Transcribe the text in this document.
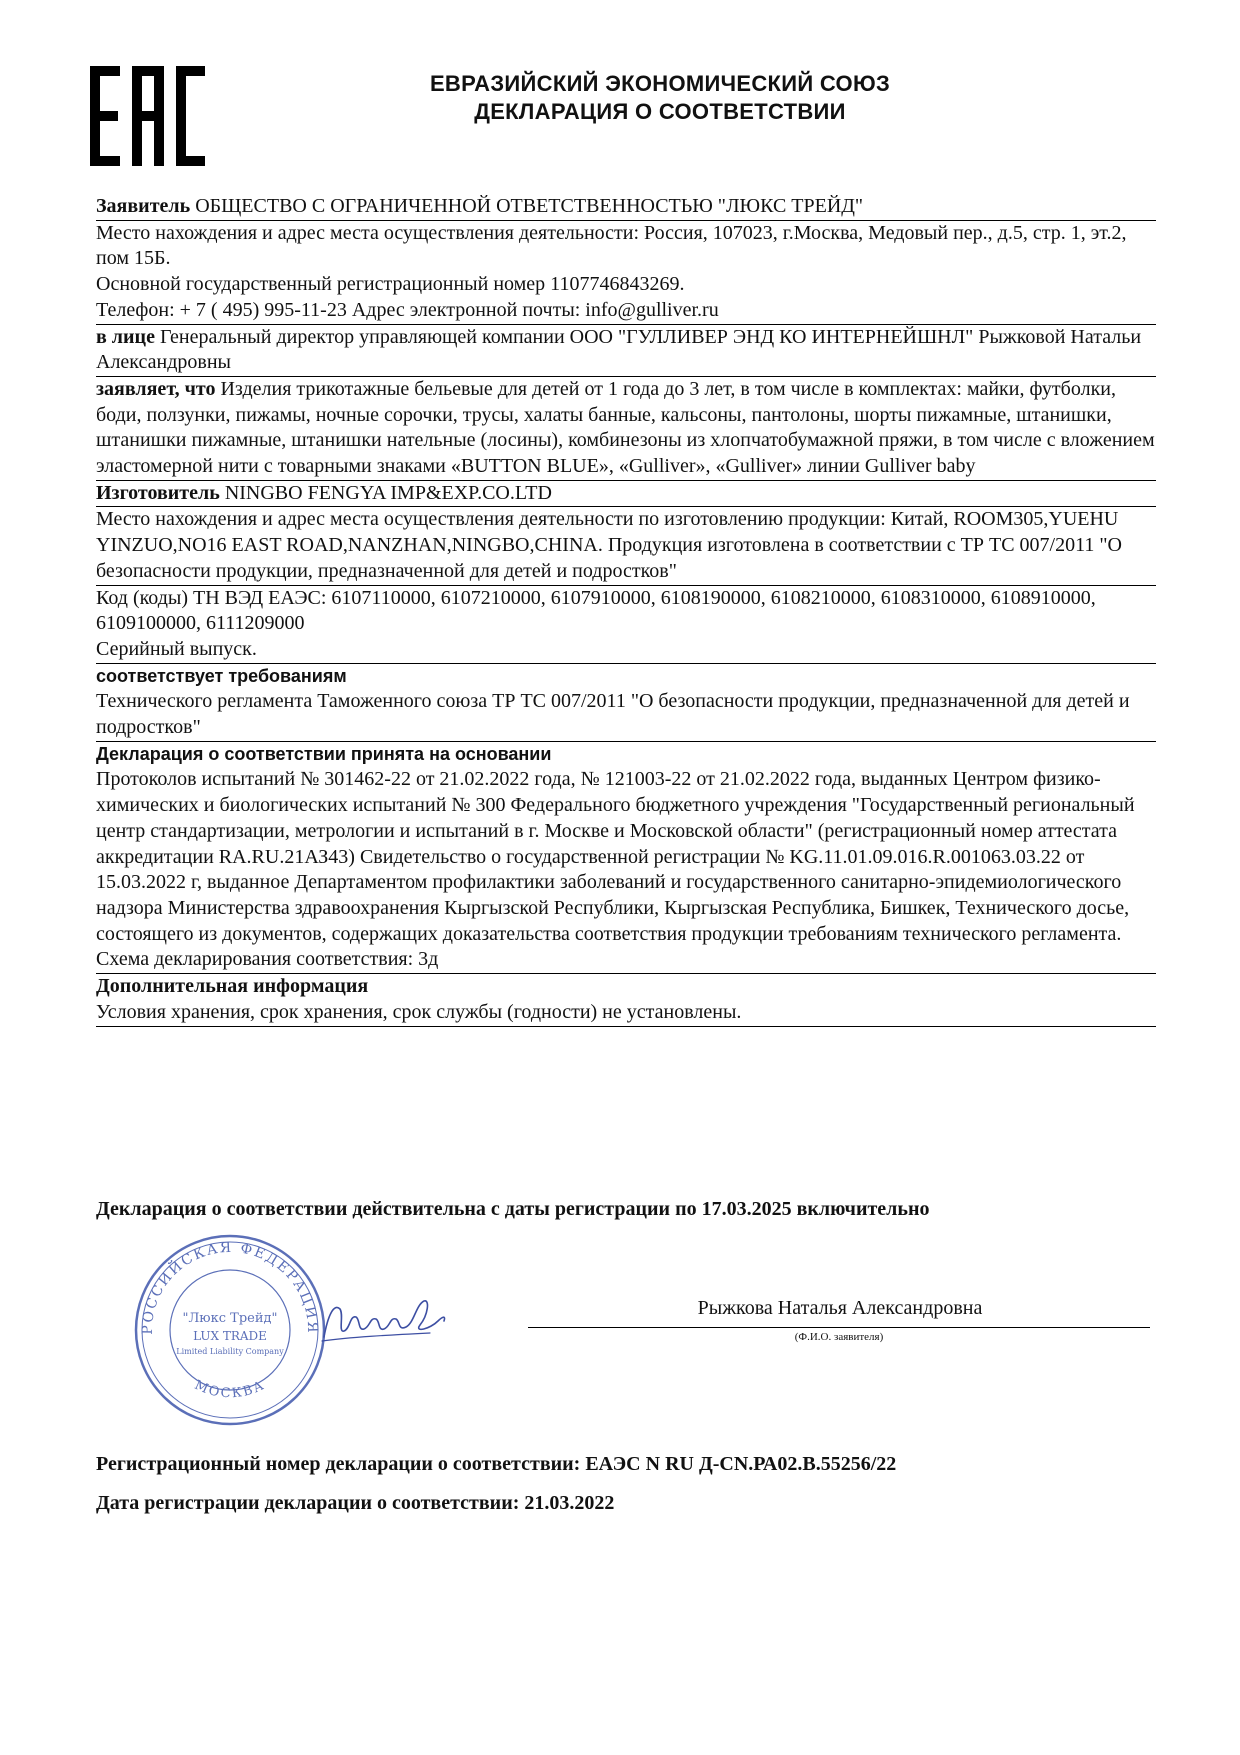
ЕВРАЗИЙСКИЙ ЭКОНОМИЧЕСКИЙ СОЮЗ
ДЕКЛАРАЦИЯ О СООТВЕТСТВИИ

Заявитель ОБЩЕСТВО С ОГРАНИЧЕННОЙ ОТВЕТСТВЕННОСТЬЮ "ЛЮКС ТРЕЙД"

Место нахождения и адрес места осуществления деятельности: Россия, 107023, г.Москва, Медовый пер., д.5, стр. 1, эт.2, пом 15Б.

Основной государственный регистрационный номер 1107746843269.

Телефон: + 7 ( 495) 995-11-23 Адрес электронной почты: info@gulliver.ru

в лице Генеральный директор управляющей компании ООО "ГУЛЛИВЕР ЭНД КО ИНТЕРНЕЙШНЛ" Рыжковой Натальи Александровны

заявляет, что Изделия трикотажные бельевые для детей от 1 года до 3 лет, в том числе в комплектах: майки, футболки, боди, ползунки, пижамы, ночные сорочки, трусы, халаты банные, кальсоны, пантолоны, шорты пижамные, штанишки, штанишки пижамные, штанишки нательные (лосины), комбинезоны из хлопчатобумажной пряжи, в том числе с вложением эластомерной нити с товарными знаками «BUTTON BLUE», «Gulliver», «Gulliver» линии Gulliver baby

Изготовитель NINGBO FENGYA IMP&EXP.CO.LTD

Место нахождения и адрес места осуществления деятельности по изготовлению продукции: Китай, ROOM305,YUEHU YINZUO,NO16 EAST ROAD,NANZHAN,NINGBO,CHINA. Продукция изготовлена в соответствии с ТР ТС 007/2011 "О безопасности продукции, предназначенной для детей и подростков"

Код (коды) ТН ВЭД ЕАЭС: 6107110000, 6107210000, 6107910000, 6108190000, 6108210000, 6108310000, 6108910000, 6109100000, 6111209000

Серийный выпуск.

соответствует требованиям

Технического регламента Таможенного союза ТР ТС 007/2011 "О безопасности продукции, предназначенной для детей и подростков"

Декларация о соответствии принята на основании

Протоколов испытаний № 301462-22 от 21.02.2022 года, № 121003-22 от 21.02.2022 года, выданных Центром физико-химических и биологических испытаний № 300 Федерального бюджетного учреждения "Государственный региональный центр стандартизации, метрологии и испытаний в г. Москве и Московской области" (регистрационный номер аттестата аккредитации RA.RU.21АЗ43) Свидетельство о государственной регистрации № KG.11.01.09.016.R.001063.03.22 от 15.03.2022 г, выданное Департаментом профилактики заболеваний и государственного санитарно-эпидемиологического надзора Министерства здравоохранения Кыргызской Республики, Кыргызская Республика, Бишкек, Технического досье, состоящего из документов, содержащих доказательства соответствия продукции требованиям технического регламента.

Схема декларирования соответствия: 3д

Дополнительная информация

Условия хранения, срок хранения, срок службы (годности) не установлены.

Декларация о соответствии действительна с даты регистрации по 17.03.2025 включительно
РОССИЙСКАЯ ФЕДЕРАЦИЯ
МОСКВА
"Люкс Трейд"
LUX TRADE
Limited Liability Company
Рыжкова Наталья Александровна
(Ф.И.О. заявителя)
Регистрационный номер декларации о соответствии: ЕАЭС N RU Д-CN.РА02.В.55256/22
Дата регистрации декларации о соответствии: 21.03.2022
